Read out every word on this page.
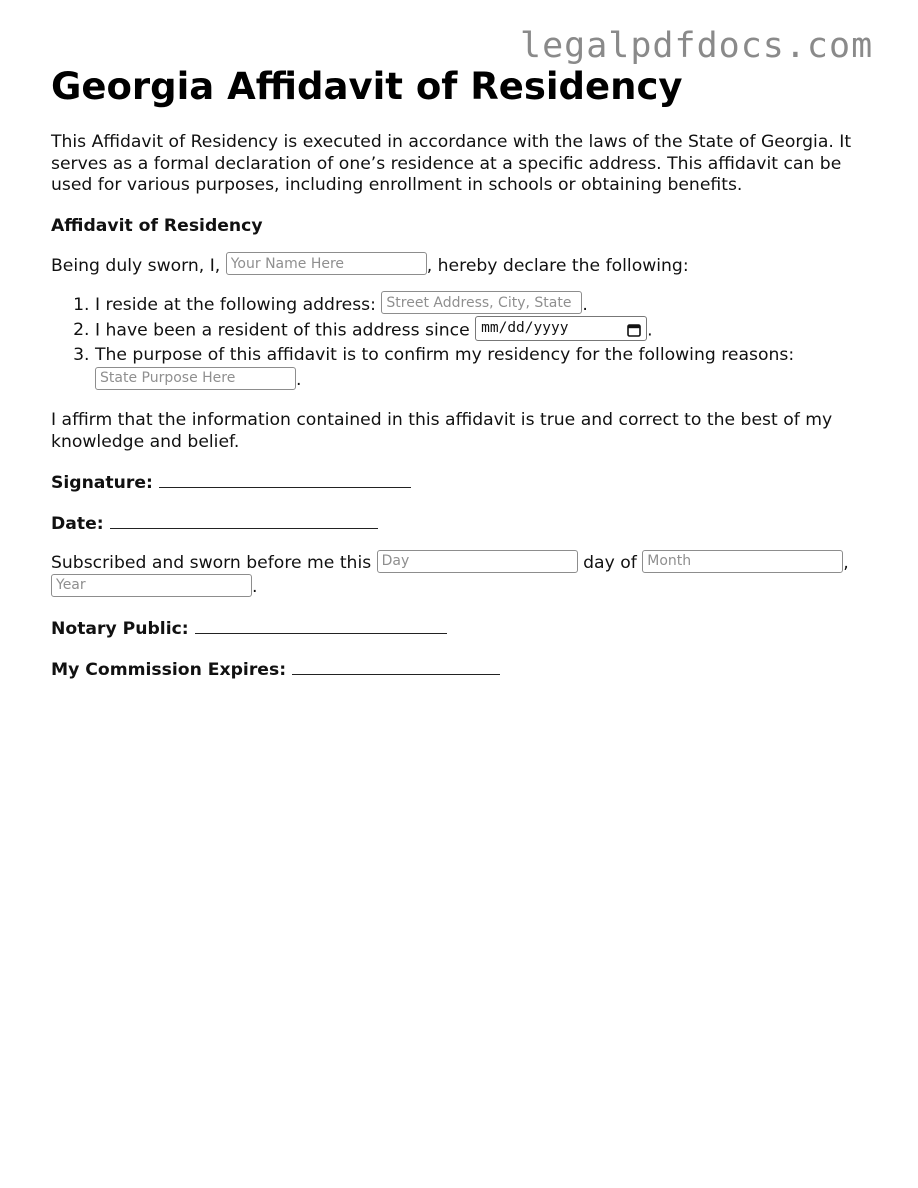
legalpdfdocs.com
Georgia Affidavit of Residency

This Affidavit of Residency is executed in accordance with the laws of the State of Georgia. It serves as a formal declaration of one’s residence at a specific address. This affidavit can be used for various purposes, including enrollment in schools or obtaining benefits.

Affidavit of Residency

Being duly sworn, I, Your Name Here	, hereby declare the following:

1. I reside at the following address: Street Address, City, State	.
2. I have been a resident of this address since mm/dd/yyyy	.
3. The purpose of this affidavit is to confirm my residency for the following reasons:
State Purpose Here.

I affirm that the information contained in this affidavit is true and correct to the best of my knowledge and belief.

Signature:

Date:

Subscribed and sworn before me this Day	day of Month	,
Year.

Notary Public:

My Commission Expires:
